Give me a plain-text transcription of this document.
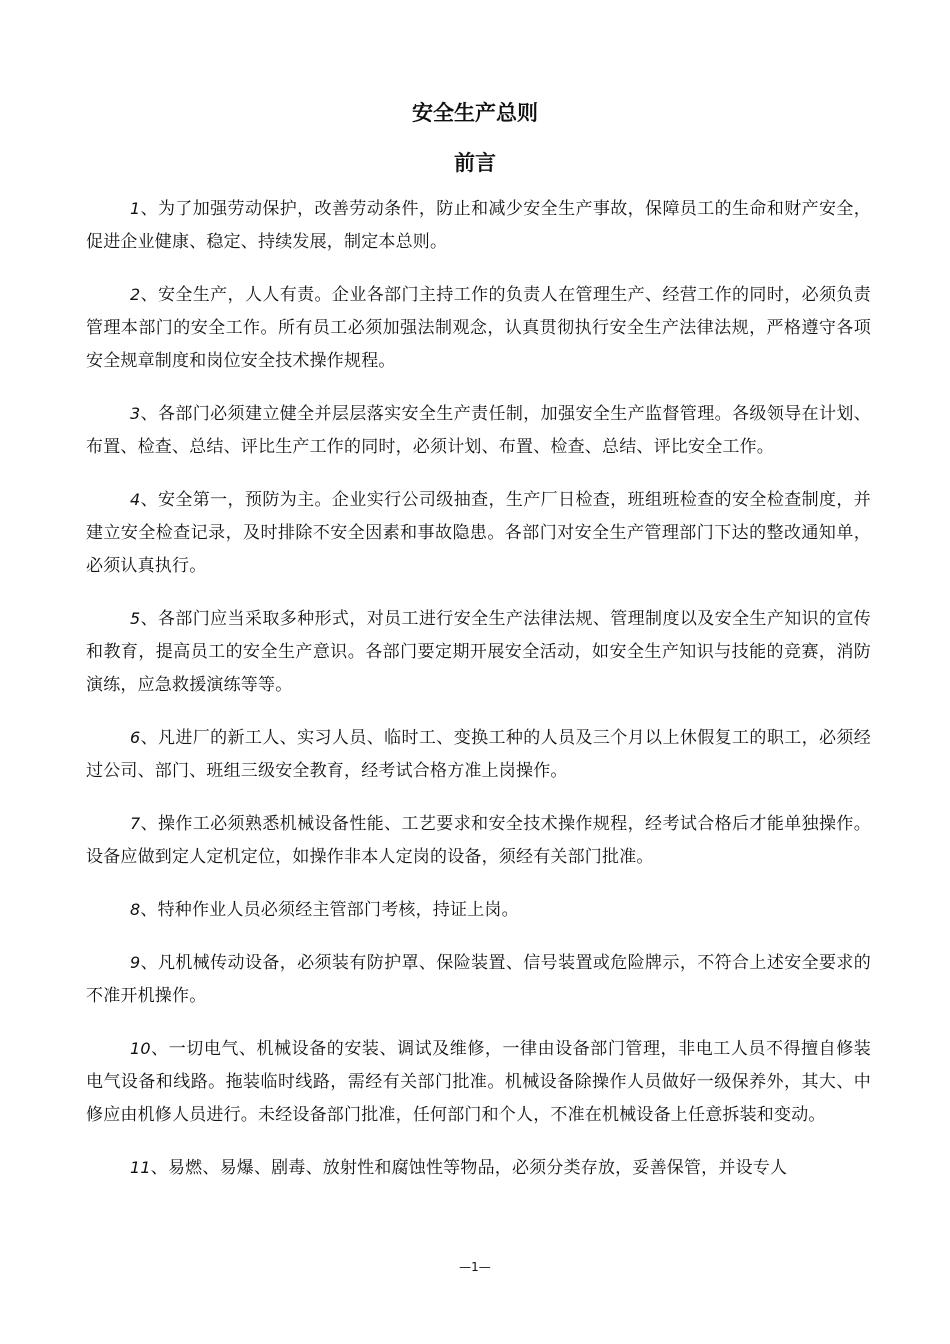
安全生产总则
前言

1、为了加强劳动保护，改善劳动条件，防止和减少安全生产事故，保障员工的生命和财产安全，促进企业健康、稳定、持续发展，制定本总则。

2、安全生产，人人有责。企业各部门主持工作的负责人在管理生产、经营工作的同时，必须负责管理本部门的安全工作。所有员工必须加强法制观念，认真贯彻执行安全生产法律法规，严格遵守各项安全规章制度和岗位安全技术操作规程。

3、各部门必须建立健全并层层落实安全生产责任制，加强安全生产监督管理。各级领导在计划、布置、检查、总结、评比生产工作的同时，必须计划、布置、检查、总结、评比安全工作。

4、安全第一，预防为主。企业实行公司级抽查，生产厂日检查，班组班检查的安全检查制度，并建立安全检查记录，及时排除不安全因素和事故隐患。各部门对安全生产管理部门下达的整改通知单，必须认真执行。

5、各部门应当采取多种形式，对员工进行安全生产法律法规、管理制度以及安全生产知识的宣传和教育，提高员工的安全生产意识。各部门要定期开展安全活动，如安全生产知识与技能的竞赛，消防演练，应急救援演练等等。

6、凡进厂的新工人、实习人员、临时工、变换工种的人员及三个月以上休假复工的职工，必须经过公司、部门、班组三级安全教育，经考试合格方准上岗操作。

7、操作工必须熟悉机械设备性能、工艺要求和安全技术操作规程，经考试合格后才能单独操作。设备应做到定人定机定位，如操作非本人定岗的设备，须经有关部门批准。

8、特种作业人员必须经主管部门考核，持证上岗。

9、凡机械传动设备，必须装有防护罩、保险装置、信号装置或危险牌示，不符合上述安全要求的不准开机操作。

10、一切电气、机械设备的安装、调试及维修，一律由设备部门管理，非电工人员不得擅自修装电气设备和线路。拖装临时线路，需经有关部门批准。机械设备除操作人员做好一级保养外，其大、中修应由机修人员进行。未经设备部门批准，任何部门和个人，不准在机械设备上任意拆装和变动。

11、易燃、易爆、剧毒、放射性和腐蚀性等物品，必须分类存放，妥善保管，并设专人

—1—
